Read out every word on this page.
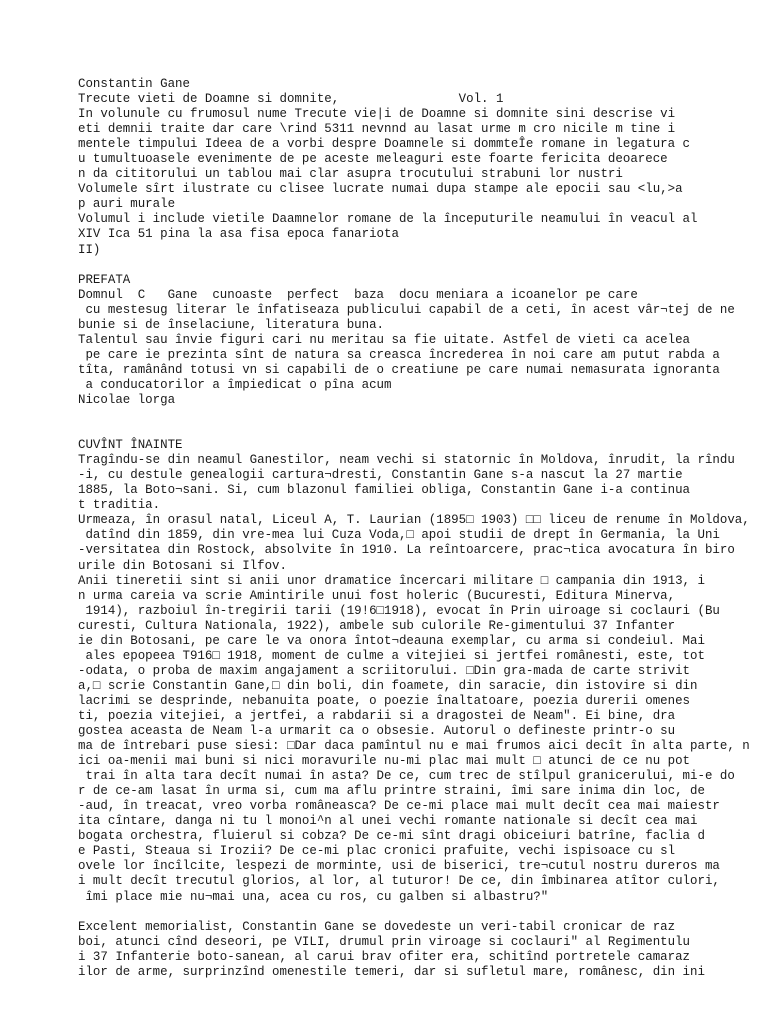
Constantin Gane
Trecute vieti de Doamne si domnite,                Vol. 1
In volunule cu frumosul nume Trecute vie|i de Doamne si domnite sini descrise vi
eti demnii traite dar care \rind 5311 nevnnd au lasat urme m cro nicile m tine i
mentele timpului Ideea de a vorbi despre Doamnele si dommteÎe romane in legatura c
u tumultuoasele evenimente de pe aceste meleaguri este foarte fericita deoarece
n da cititorului un tablou mai clar asupra trocutului strabuni lor nustri
Volumele sîrt ilustrate cu clisee lucrate numai dupa stampe ale epocii sau <lu,>a
p auri murale
Volumul i include vietile Daamnelor romane de la începuturile neamului în veacul al
XIV Ica 51 pina la asa fisa epoca fanariota
II)
PREFATA
Domnul  C   Gane  cunoaste  perfect  baza  docu meniara a icoanelor pe care
cu mestesug literar le înfatiseaza publicului capabil de a ceti, în acest vâr¬tej de ne
bunie si de înselaciune, literatura buna.
Talentul sau învie figuri cari nu meritau sa fie uitate. Astfel de vieti ca acelea
pe care ie prezinta sînt de natura sa creasca încrederea în noi care am putut rabda a
tîta, ramânând totusi vn si capabili de o creatiune pe care numai nemasurata ignoranta
a conducatorilor a împiedicat o pîna acum
Nicolae lorga
CUVÎNT ÎNAINTE
Tragîndu-se din neamul Ganestilor, neam vechi si statornic în Moldova, înrudit, la rîndu
-i, cu destule genealogii cartura¬dresti, Constantin Gane s-a nascut la 27 martie
1885, la Boto¬sani. Si, cum blazonul familiei obliga, Constantin Gane i-a continua
t traditia.
Urmeaza, în orasul natal, Liceul A, T. Laurian (1895□ 1903) □□ liceu de renume în Moldova,
datînd din 1859, din vre-mea lui Cuza Voda,□ apoi studii de drept în Germania, la Uni
-versitatea din Rostock, absolvite în 1910. La reîntoarcere, prac¬tica avocatura în biro
urile din Botosani si Ilfov.
Anii tineretii sint si anii unor dramatice încercari militare □ campania din 1913, i
n urma careia va scrie Amintirile unui fost holeric (Bucuresti, Editura Minerva,
1914), razboiul în-tregirii tarii (19!6□1918), evocat în Prin uiroage si coclauri (Bu
curesti, Cultura Nationala, 1922), ambele sub culorile Re-gimentului 37 Infanter
ie din Botosani, pe care le va onora întot¬deauna exemplar, cu arma si condeiul. Mai
ales epopeea T916□ 1918, moment de culme a vitejiei si jertfei românesti, este, tot
-odata, o proba de maxim angajament a scriitorului. □Din gra-mada de carte strivit
a,□ scrie Constantin Gane,□ din boli, din foamete, din saracie, din istovire si din
lacrimi se desprinde, nebanuita poate, o poezie înaltatoare, poezia durerii omenes
ti, poezia vitejiei, a jertfei, a rabdarii si a dragostei de Neam". Ei bine, dra
gostea aceasta de Neam l-a urmarit ca o obsesie. Autorul o defineste printr-o su
ma de întrebari puse siesi: □Dar daca pamîntul nu e mai frumos aici decît în alta parte, n
ici oa-menii mai buni si nici moravurile nu-mi plac mai mult □ atunci de ce nu pot
trai în alta tara decît numai în asta? De ce, cum trec de stîlpul granicerului, mi-e do
r de ce-am lasat în urma si, cum ma aflu printre straini, îmi sare inima din loc, de
-aud, în treacat, vreo vorba româneasca? De ce-mi place mai mult decît cea mai maiestr
ita cîntare, danga ni tu l monoi^n al unei vechi romante nationale si decît cea mai
bogata orchestra, fluierul si cobza? De ce-mi sînt dragi obiceiuri batrîne, faclia d
e Pasti, Steaua si Irozii? De ce-mi plac cronici prafuite, vechi ispisoace cu sl
ovele lor încîlcite, lespezi de morminte, usi de biserici, tre¬cutul nostru dureros ma
i mult decît trecutul glorios, al lor, al tuturor! De ce, din îmbinarea atîtor culori,
îmi place mie nu¬mai una, acea cu ros, cu galben si albastru?"
Excelent memorialist, Constantin Gane se dovedeste un veri-tabil cronicar de raz
boi, atunci cînd deseori, pe VILI, drumul prin viroage si coclauri" al Regimentulu
i 37 Infanterie boto-sanean, al carui brav ofiter era, schitînd portretele camaraz
ilor de arme, surprinzînd omenestile temeri, dar si sufletul mare, românesc, din ini
